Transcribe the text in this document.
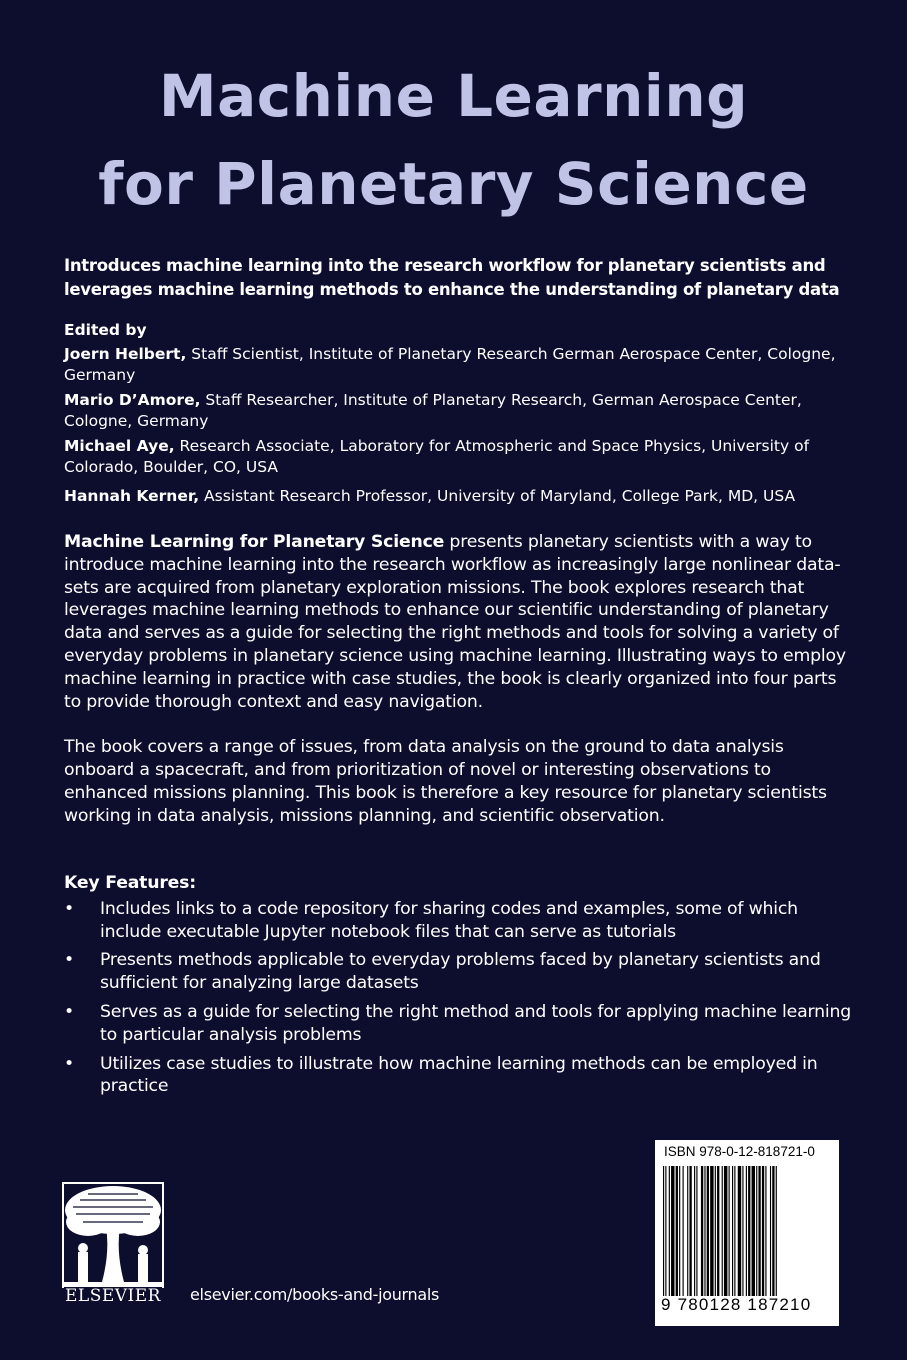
Machine Learning
for Planetary Science
Introduces machine learning into the research workflow for planetary scientists and leverages machine learning methods to enhance the understanding of planetary data
Edited by
Joern Helbert, Staff Scientist, Institute of Planetary Research German Aerospace Center, Cologne, Germany
Mario D’Amore, Staff Researcher, Institute of Planetary Research, German Aerospace Center, Cologne, Germany
Michael Aye, Research Associate, Laboratory for Atmospheric and Space Physics, University of Colorado, Boulder, CO, USA
Hannah Kerner, Assistant Research Professor, University of Maryland, College Park, MD, USA

Machine Learning for Planetary Science presents planetary scientists with a way to introduce machine learning into the research workflow as increasingly large nonlinear data-sets are acquired from planetary exploration missions. The book explores research that leverages machine learning methods to enhance our scientific understanding of planetary data and serves as a guide for selecting the right methods and tools for solving a variety of everyday problems in planetary science using machine learning. Illustrating ways to employ machine learning in practice with case studies, the book is clearly organized into four parts to provide thorough context and easy navigation.

The book covers a range of issues, from data analysis on the ground to data analysis onboard a spacecraft, and from prioritization of novel or interesting observations to enhanced missions planning. This book is therefore a key resource for planetary scientists working in data analysis, missions planning, and scientific observation.

Key Features:
• Includes links to a code repository for sharing codes and examples, some of which include executable Jupyter notebook files that can serve as tutorials
• Presents methods applicable to everyday problems faced by planetary scientists and sufficient for analyzing large datasets
• Serves as a guide for selecting the right method and tools for applying machine learning to particular analysis problems
• Utilizes case studies to illustrate how machine learning methods can be employed in practice
ELSEVIER	elsevier.com/books-and-journals
ISBN 978-0-12-818721-0
9 780128 187210
